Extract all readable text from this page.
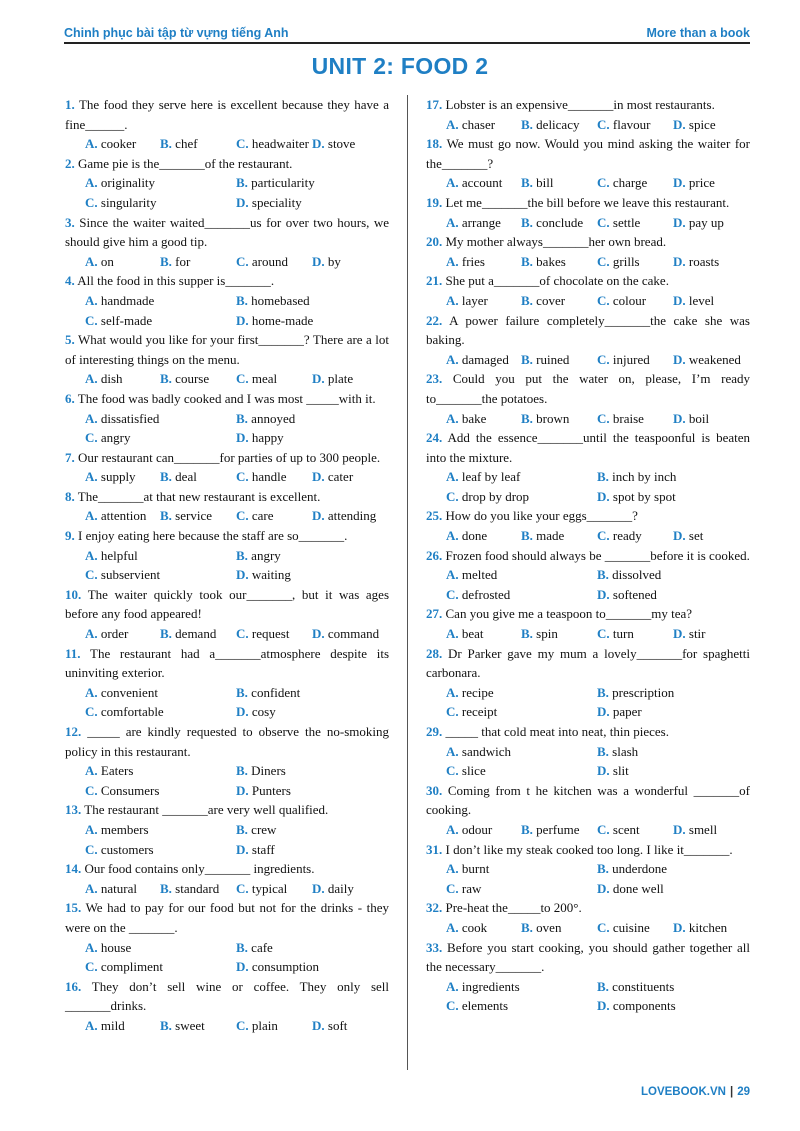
Chinh phục bài tập từ vựng tiếng Anh	More than a book
UNIT 2: FOOD 2
1. The food they serve here is excellent because they have a fine______.
A. cooker B. chef	C. headwaiter D. stove
2. Game pie is the_______of the restaurant.
A. originality	B. particularity
C. singularity	D. speciality
3. Since the waiter waited_______us for over two hours, we should give him a good tip.
A. on	B. for	C. around D. by
4. All the food in this supper is_______.
A. handmade	B. homebased
C. self-made	D. home-made
5. What would you like for your first_______? There are a lot of interesting things on the menu.
A. dish	B. course C. meal	D. plate
6. The food was badly cooked and I was most _____with it.
A. dissatisfied	B. annoyed
C. angry	D. happy
7. Our restaurant can_______for parties of up to 300 people.
A. supply B. deal	C. handle D. cater
8. The_______at that new restaurant is excellent.
A. attention B. service C. care	D. attending
9. I enjoy eating here because the staff are so_______.
A. helpful	B. angry
C. subservient	D. waiting
10. The waiter quickly took our_______, but it was ages before any food appeared!
A. order B. demand C. request D. command
11. The restaurant had a_______atmosphere despite its uninviting exterior.
A. convenient	B. confident
C. comfortable	D. cosy
12. _____ are kindly requested to observe the no-smoking policy in this restaurant.
A. Eaters	B. Diners
C. Consumers	D. Punters
13. The restaurant _______are very well qualified.
A. members	B. crew
C. customers	D. staff
14. Our food contains only_______ ingredients.
A. natural B. standard C. typical D. daily
15. We had to pay for our food but not for the drinks - they were on the _______.
A. house	B. cafe
C. compliment	D. consumption
16. They don’t sell wine or coffee. They only sell _______drinks.
A. mild	B. sweet C. plain	D. soft
17. Lobster is an expensive_______in most restaurants.
A. chaser B. delicacy C. flavour D. spice
18. We must go now. Would you mind asking the waiter for the_______?
A. account B. bill	C. charge D. price
19. Let me_______the bill before we leave this restaurant.
A. arrange B. conclude C. settle	D. pay up
20. My mother always_______her own bread.
A. fries	B. bakes C. grills	D. roasts
21. She put a_______of chocolate on the cake.
A. layer	B. cover C. colour D. level
22. A power failure completely_______the cake she was baking.
A. damaged B. ruined C. injured D. weakened
23. Could you put the water on, please, I’m ready to_______the potatoes.
A. bake	B. brown C. braise D. boil
24. Add the essence_______until the teaspoonful is beaten into the mixture.
A. leaf by leaf	B. inch by inch
C. drop by drop	D. spot by spot
25. How do you like your eggs_______?
A. done	B. made	C. ready D. set
26. Frozen food should always be _______before it is cooked.
A. melted	B. dissolved
C. defrosted	D. softened
27. Can you give me a teaspoon to_______my tea?
A. beat	B. spin	C. turn	D. stir
28. Dr Parker gave my mum a lovely_______for spaghetti carbonara.
A. recipe	B. prescription
C. receipt	D. paper
29. _____ that cold meat into neat, thin pieces.
A. sandwich	B. slash
C. slice	D. slit
30. Coming from t he kitchen was a wonderful _______of cooking.
A. odour B. perfume C. scent	D. smell
31. I don’t like my steak cooked too long. I like it_______.
A. burnt	B. underdone
C. raw	D. done well
32. Pre-heat the_____to 200°.
A. cook	B. oven	C. cuisine D. kitchen
33. Before you start cooking, you should gather together all the necessary_______.
A. ingredients	B. constituents
C. elements	D. components
LOVEBOOK.VN | 29
